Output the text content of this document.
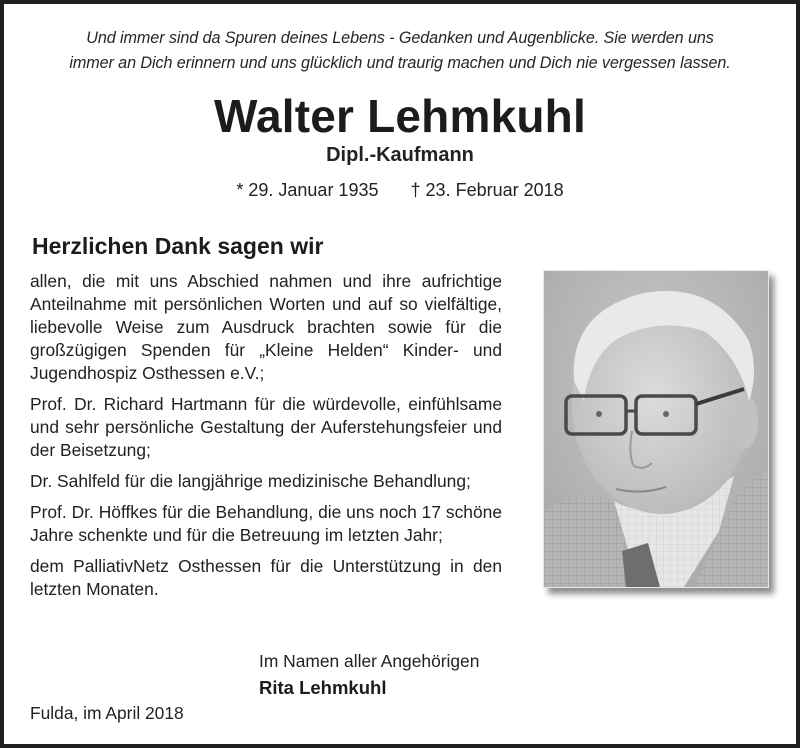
Und immer sind da Spuren deines Lebens - Gedanken und Augenblicke. Sie werden uns
immer an Dich erinnern und uns glücklich und traurig machen und Dich nie vergessen lassen.
Walter Lehmkuhl
Dipl.-Kaufmann
* 29. Januar 1935 † 23. Februar 2018
Herzlichen Dank sagen wir

allen, die mit uns Abschied nahmen und ihre aufrichtige Anteilnahme mit persönlichen Worten und auf so vielfältige, liebevolle Weise zum Ausdruck brachten sowie für die großzügigen Spenden für „Kleine Helden“ Kinder- und Jugendhospiz Osthessen e.V.;

Prof. Dr. Richard Hartmann für die würdevolle, einfühlsame und sehr persönliche Gestaltung der Auferstehungsfeier und der Beisetzung;

Dr. Sahlfeld für die langjährige medizinische Behandlung;

Prof. Dr. Höffkes für die Behandlung, die uns noch 17 schöne Jahre schenkte und für die Betreuung im letzten Jahr;

dem PalliativNetz Osthessen für die Unterstützung in den letzten Monaten.

Im Namen aller Angehörigen
Rita Lehmkuhl
Fulda, im April 2018
